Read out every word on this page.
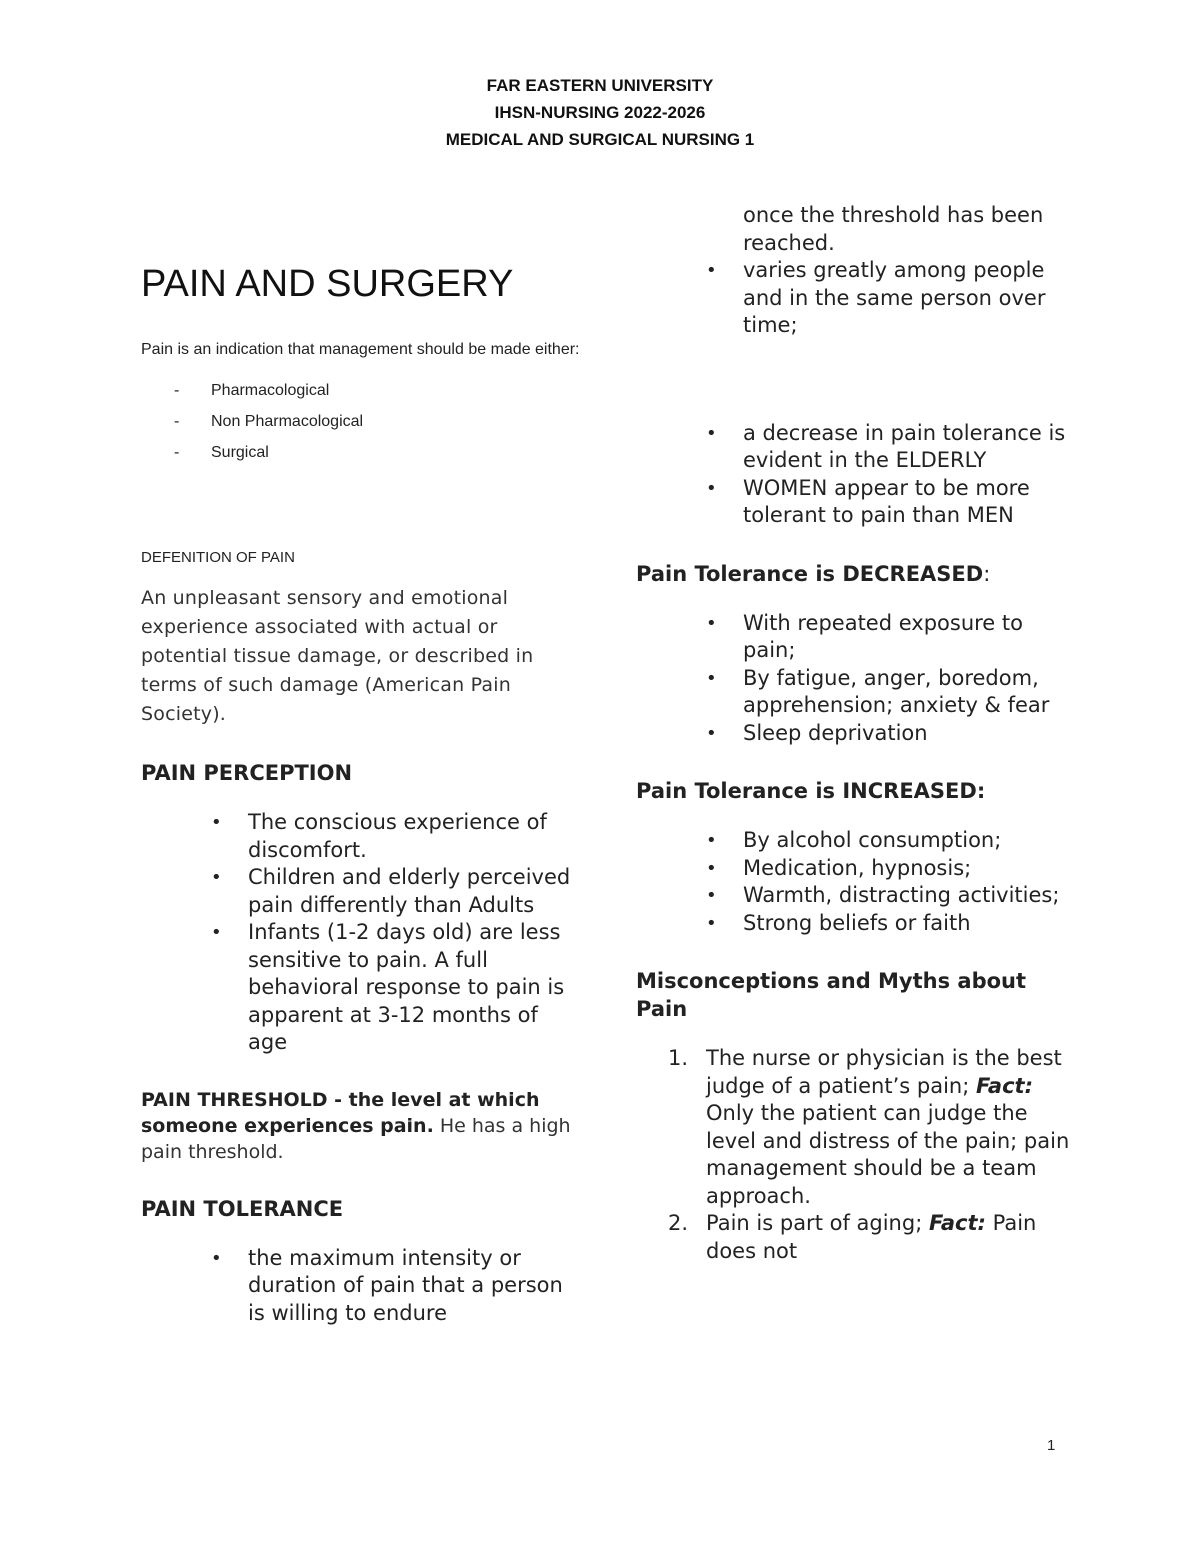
FAR EASTERN UNIVERSITY
IHSN-NURSING 2022-2026
MEDICAL AND SURGICAL NURSING 1
PAIN AND SURGERY

Pain is an indication that management should be made either:

- Pharmacological
- Non Pharmacological
- Surgical
DEFENITION OF PAIN

An unpleasant sensory and emotional experience associated with actual or potential tissue damage, or described in terms of such damage (American Pain Society).

PAIN PERCEPTION
• The conscious experience of discomfort.
• Children and elderly perceived pain differently than Adults
• Infants (1-2 days old) are less sensitive to pain. A full behavioral response to pain is apparent at 3-12 months of age

PAIN THRESHOLD - the level at which someone experiences pain. He has a high pain threshold.

PAIN TOLERANCE
• the maximum intensity or duration of pain that a person is willing to endure

once the threshold has been reached.

• varies greatly among people and in the same person over time;
• a decrease in pain tolerance is evident in the ELDERLY
• WOMEN appear to be more tolerant to pain than MEN
Pain Tolerance is DECREASED:
• With repeated exposure to pain;
• By fatigue, anger, boredom, apprehension; anxiety & fear
• Sleep deprivation
Pain Tolerance is INCREASED:
• By alcohol consumption;
• Medication, hypnosis;
• Warmth, distracting activities;
• Strong beliefs or faith
Misconceptions and Myths about Pain
1. The nurse or physician is the best judge of a patient’s pain; Fact: Only the patient can judge the level and distress of the pain; pain management should be a team approach.
2. Pain is part of aging; Fact: Pain does not
1
